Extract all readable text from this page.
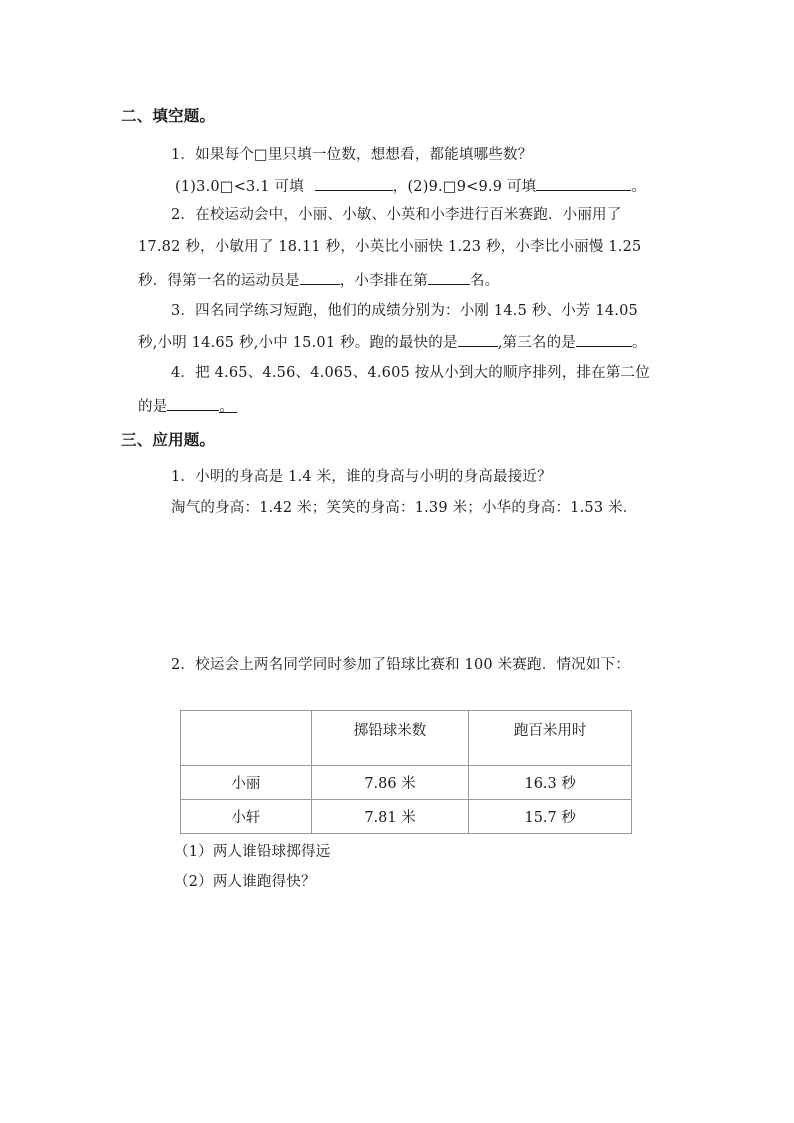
二、填空题。
1．如果每个□里只填一位数，想想看，都能填哪些数？
(1)3.0□<3.1 可填	，(2)9.□9<9.9 可填	。
2．在校运动会中，小丽、小敏、小英和小李进行百米赛跑．小丽用了
17.82 秒，小敏用了 18.11 秒，小英比小丽快 1.23 秒，小李比小丽慢 1.25
秒．得第一名的运动员是	，小李排在第	名。
3．四名同学练习短跑，他们的成绩分别为：小刚 14.5 秒、小芳 14.05
秒,小明 14.65 秒,小中 15.01 秒。跑的最快的是	,第三名的是	。
4．把 4.65、4.56、4.065、4.605 按从小到大的顺序排列，排在第二位
的是	。
三、应用题。
1．小明的身高是 1.4 米，谁的身高与小明的身高最接近？
淘气的身高：1.42 米；笑笑的身高：1.39 米；小华的身高：1.53 米．
2．校运会上两名同学同时参加了铅球比赛和 100 米赛跑．情况如下：
	掷铅球米数	跑百米用时
小丽	7.86 米	16.3 秒
小轩	7.81 米	15.7 秒
（1）两人谁铅球掷得远
（2）两人谁跑得快？
